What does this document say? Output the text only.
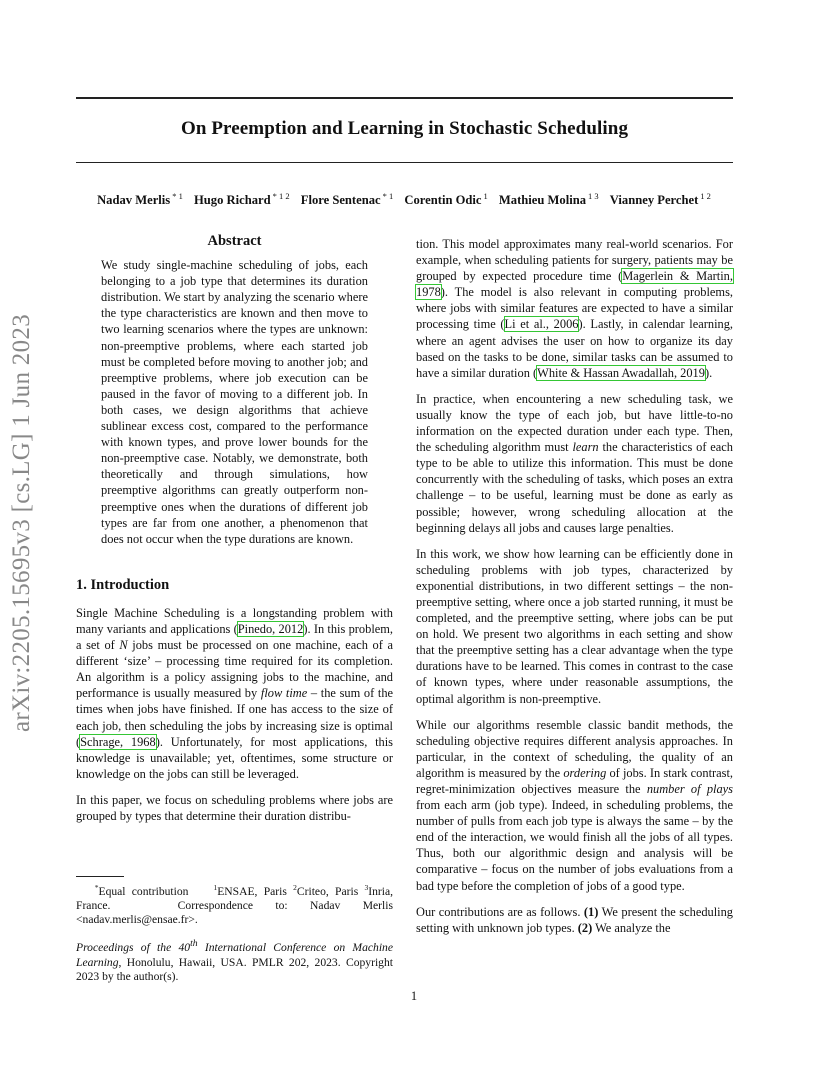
On Preemption and Learning in Stochastic Scheduling
Nadav Merlis $^{* 1}$ Hugo Richard $^{* 1 2}$ Flore Sentenac $^{* 1}$ Corentin Odic $^1$ Mathieu Molina $^{1 3}$ Vianney Perchet $^{1 2}$
arXiv:2205.15695v3 [cs.LG] 1 Jun 2023
Abstract

We study single-machine scheduling of jobs, each belonging to a job type that determines its duration distribution. We start by analyzing the scenario where the type characteristics are known and then move to two learning scenarios where the types are unknown: non-preemptive problems, where each started job must be completed before moving to another job; and preemptive problems, where job execution can be paused in the favor of moving to a different job. In both cases, we design algorithms that achieve sublinear excess cost, compared to the performance with known types, and prove lower bounds for the non-preemptive case. Notably, we demonstrate, both theoretically and through simulations, how preemptive algorithms can greatly outperform non-preemptive ones when the durations of different job types are far from one another, a phenomenon that does not occur when the type durations are known.

1. Introduction

Single Machine Scheduling is a longstanding problem with many variants and applications (Pinedo, 2012). In this problem, a set of N jobs must be processed on one machine, each of a different ‘size’ – processing time required for its completion. An algorithm is a policy assigning jobs to the machine, and performance is usually measured by flow time – the sum of the times when jobs have finished. If one has access to the size of each job, then scheduling the jobs by increasing size is optimal (Schrage, 1968). Unfortunately, for most applications, this knowledge is unavailable; yet, oftentimes, some structure or knowledge on the jobs can still be leveraged.

In this paper, we focus on scheduling problems where jobs are grouped by types that determine their duration distribu-

*Equal contribution	$^1$ENSAE, Paris $^2$Criteo, Paris $^3$Inria, France.	Correspondence to: Nadav Merlis <nadav.merlis@ensae.fr>.

Proceedings of the 40th International Conference on Machine Learning, Honolulu, Hawaii, USA. PMLR 202, 2023. Copyright 2023 by the author(s).

tion. This model approximates many real-world scenarios. For example, when scheduling patients for surgery, patients may be grouped by expected procedure time (Magerlein & Martin, 1978). The model is also relevant in computing problems, where jobs with similar features are expected to have a similar processing time (Li et al., 2006). Lastly, in calendar learning, where an agent advises the user on how to organize its day based on the tasks to be done, similar tasks can be assumed to have a similar duration (White & Hassan Awadallah, 2019).

In practice, when encountering a new scheduling task, we usually know the type of each job, but have little-to-no information on the expected duration under each type. Then, the scheduling algorithm must learn the characteristics of each type to be able to utilize this information. This must be done concurrently with the scheduling of tasks, which poses an extra challenge – to be useful, learning must be done as early as possible; however, wrong scheduling allocation at the beginning delays all jobs and causes large penalties.

In this work, we show how learning can be efficiently done in scheduling problems with job types, characterized by exponential distributions, in two different settings – the non-preemptive setting, where once a job started running, it must be completed, and the preemptive setting, where jobs can be put on hold. We present two algorithms in each setting and show that the preemptive setting has a clear advantage when the type durations have to be learned. This comes in contrast to the case of known types, where under reasonable assumptions, the optimal algorithm is non-preemptive.

While our algorithms resemble classic bandit methods, the scheduling objective requires different analysis approaches. In particular, in the context of scheduling, the quality of an algorithm is measured by the ordering of jobs. In stark contrast, regret-minimization objectives measure the number of plays from each arm (job type). Indeed, in scheduling problems, the number of pulls from each job type is always the same – by the end of the interaction, we would finish all the jobs of all types. Thus, both our algorithmic design and analysis will be comparative – focus on the number of jobs evaluations from a bad type before the completion of jobs of a good type.

Our contributions are as follows. (1) We present the scheduling setting with unknown job types. (2) We analyze the

1
